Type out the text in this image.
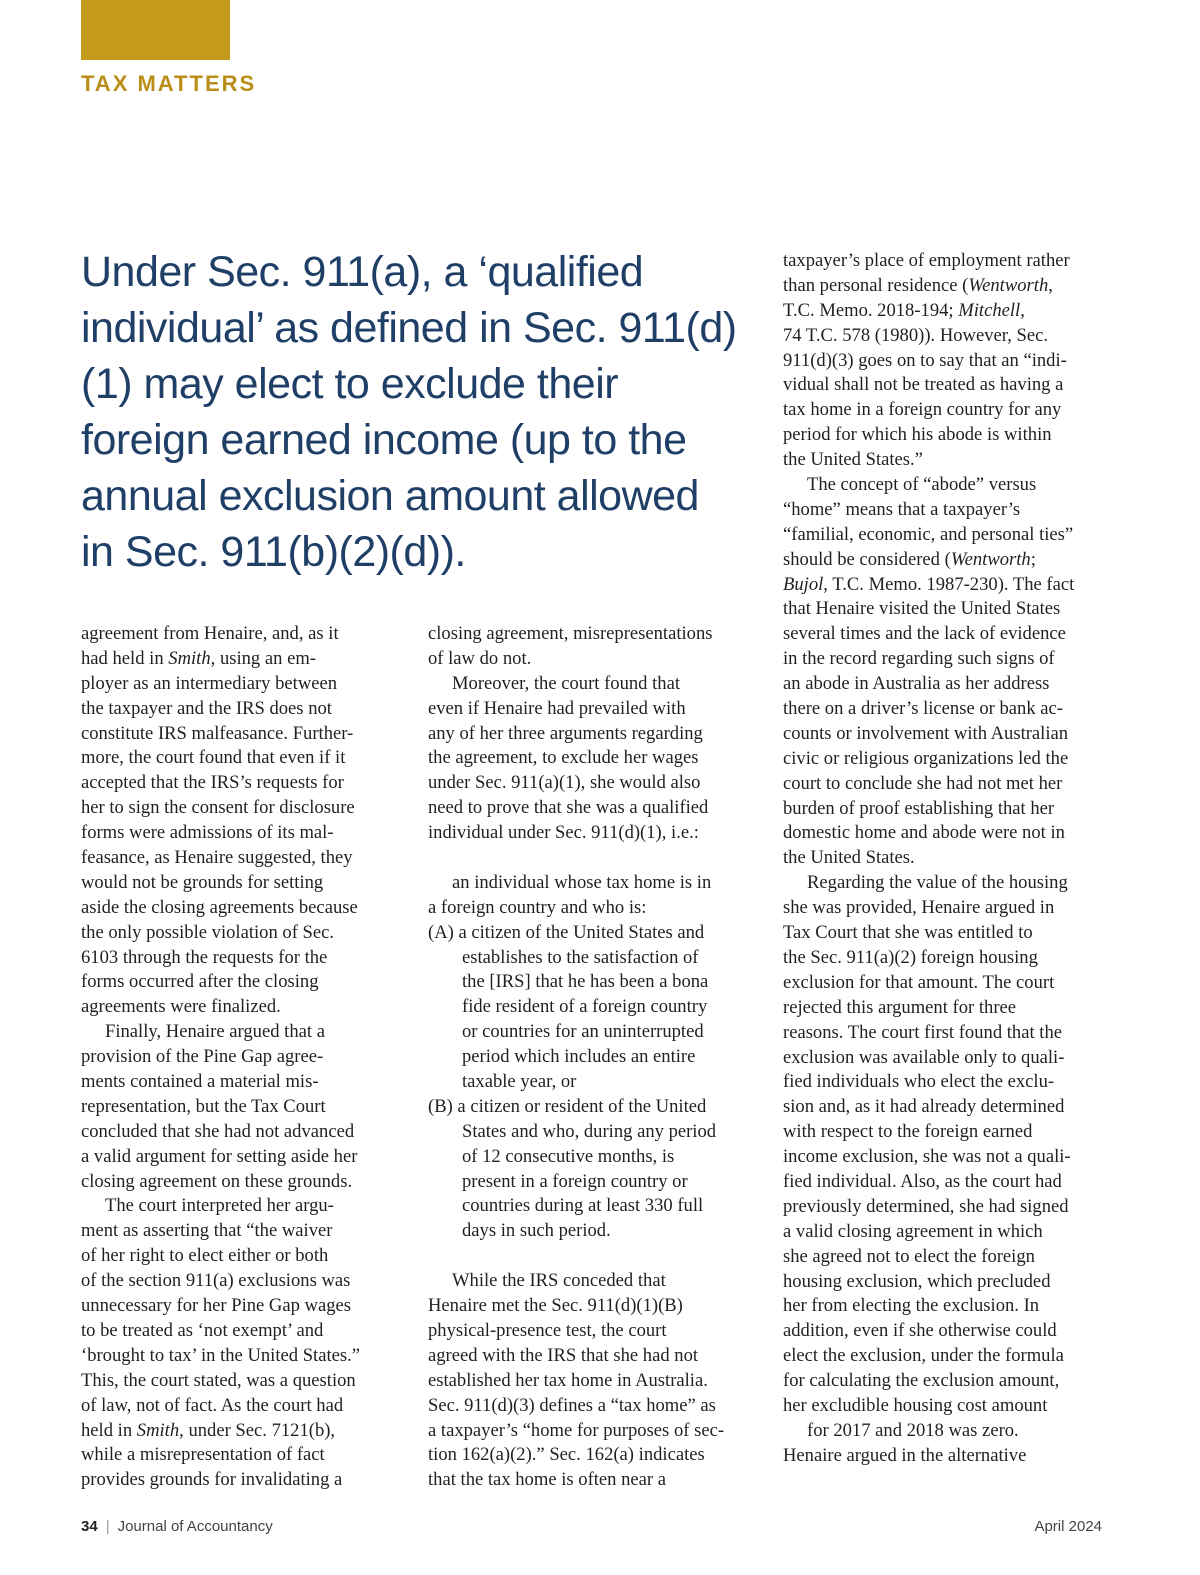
TAX MATTERS
Under Sec. 911(a), a ‘qualified
individual’ as defined in Sec. 911(d)
(1) may elect to exclude their
foreign earned income (up to the
annual exclusion amount allowed
in Sec. 911(b)(2)(d)).
agreement from Henaire, and, as it
had held in Smith, using an em-
ployer as an intermediary between
the taxpayer and the IRS does not
constitute IRS malfeasance. Further-
more, the court found that even if it
accepted that the IRS’s requests for
her to sign the consent for disclosure
forms were admissions of its mal-
feasance, as Henaire suggested, they
would not be grounds for setting
aside the closing agreements because
the only possible violation of Sec.
6103 through the requests for the
forms occurred after the closing
agreements were finalized.
Finally, Henaire argued that a
provision of the Pine Gap agree-
ments contained a material mis-
representation, but the Tax Court
concluded that she had not advanced
a valid argument for setting aside her
closing agreement on these grounds.
The court interpreted her argu-
ment as asserting that “the waiver
of her right to elect either or both
of the section 911(a) exclusions was
unnecessary for her Pine Gap wages
to be treated as ‘not exempt’ and
‘brought to tax’ in the United States.”
This, the court stated, was a question
of law, not of fact. As the court had
held in Smith, under Sec. 7121(b),
while a misrepresentation of fact
provides grounds for invalidating a
closing agreement, misrepresentations
of law do not.
Moreover, the court found that
even if Henaire had prevailed with
any of her three arguments regarding
the agreement, to exclude her wages
under Sec. 911(a)(1), she would also
need to prove that she was a qualified
individual under Sec. 911(d)(1), i.e.:
an individual whose tax home is in
a foreign country and who is:
(A) a citizen of the United States and
establishes to the satisfaction of
the [IRS] that he has been a bona
fide resident of a foreign country
or countries for an uninterrupted
period which includes an entire
taxable year, or
(B) a citizen or resident of the United
States and who, during any period
of 12 consecutive months, is
present in a foreign country or
countries during at least 330 full
days in such period.
While the IRS conceded that
Henaire met the Sec. 911(d)(1)(B)
physical-presence test, the court
agreed with the IRS that she had not
established her tax home in Australia.
Sec. 911(d)(3) defines a “tax home” as
a taxpayer’s “home for purposes of sec-
tion 162(a)(2).” Sec. 162(a) indicates
that the tax home is often near a
taxpayer’s place of employment rather
than personal residence (Wentworth,
T.C. Memo. 2018-194; Mitchell,
74 T.C. 578 (1980)). However, Sec.
911(d)(3) goes on to say that an “indi-
vidual shall not be treated as having a
tax home in a foreign country for any
period for which his abode is within
the United States.”
The concept of “abode” versus
“home” means that a taxpayer’s
“familial, economic, and personal ties”
should be considered (Wentworth;
Bujol, T.C. Memo. 1987-230). The fact
that Henaire visited the United States
several times and the lack of evidence
in the record regarding such signs of
an abode in Australia as her address
there on a driver’s license or bank ac-
counts or involvement with Australian
civic or religious organizations led the
court to conclude she had not met her
burden of proof establishing that her
domestic home and abode were not in
the United States.
Regarding the value of the housing
she was provided, Henaire argued in
Tax Court that she was entitled to
the Sec. 911(a)(2) foreign housing
exclusion for that amount. The court
rejected this argument for three
reasons. The court first found that the
exclusion was available only to quali-
fied individuals who elect the exclu-
sion and, as it had already determined
with respect to the foreign earned
income exclusion, she was not a quali-
fied individual. Also, as the court had
previously determined, she had signed
a valid closing agreement in which
she agreed not to elect the foreign
housing exclusion, which precluded
her from electing the exclusion. In
addition, even if she otherwise could
elect the exclusion, under the formula
for calculating the exclusion amount,
her excludible housing cost amount
for 2017 and 2018 was zero.
Henaire argued in the alternative
34 | Journal of Accountancy	April 2024
